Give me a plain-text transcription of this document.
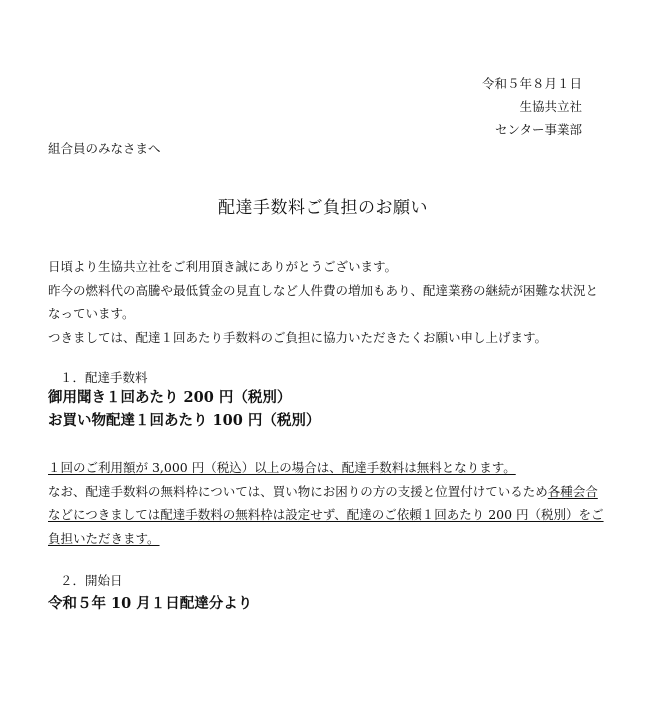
令和５年８月１日
生協共立社
センター事業部
組合員のみなさまへ
配達手数料ご負担のお願い

日頃より生協共立社をご利用頂き誠にありがとうございます。

昨今の燃料代の高騰や最低賃金の見直しなど人件費の増加もあり、配達業務の継続が困難な状況となっています。

つきましては、配達１回あたり手数料のご負担に協力いただきたくお願い申し上げます。

１．配達手数料
御用聞き１回あたり 200 円（税別）
お買い物配達１回あたり 100 円（税別）

１回のご利用額が 3,000 円（税込）以上の場合は、配達手数料は無料となります。

なお、配達手数料の無料枠については、買い物にお困りの方の支援と位置付けているため各種会合などにつきましては配達手数料の無料枠は設定せず、配達のご依頼１回あたり 200 円（税別）をご負担いただきます。

２．開始日
令和５年 10 月１日配達分より
